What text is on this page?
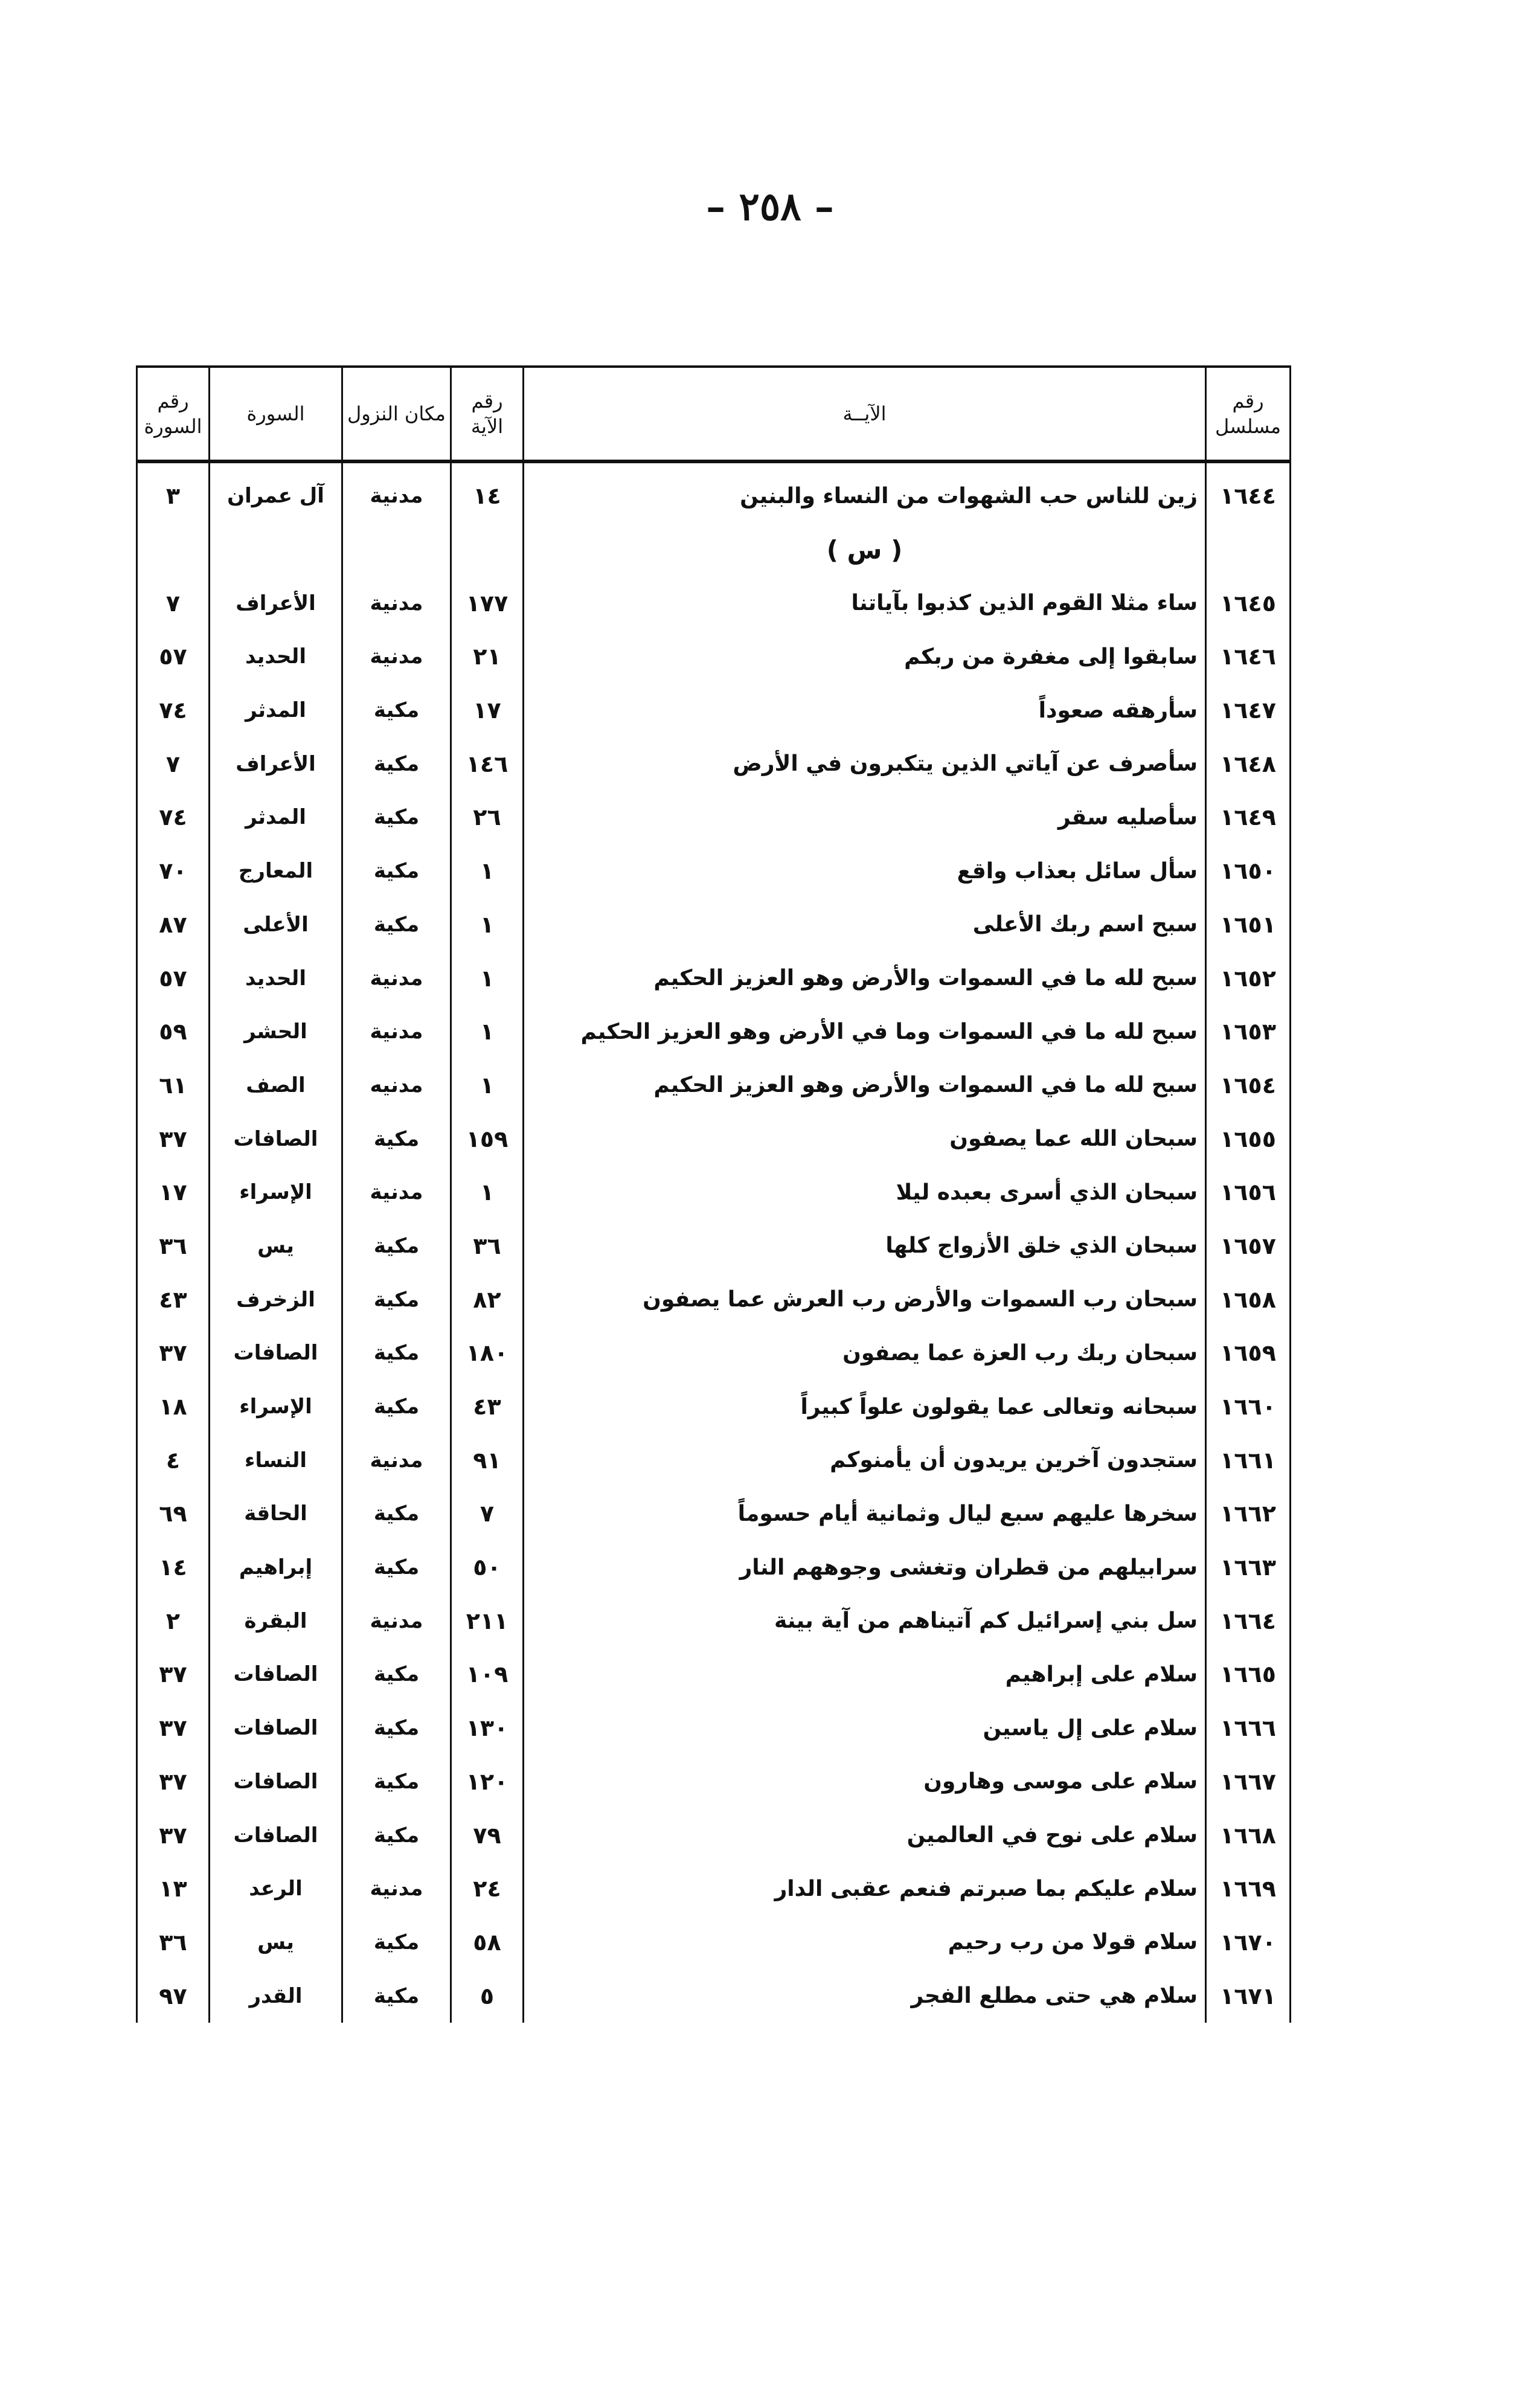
– ٢٥٨ –
رقم مسلسل	الآيــة	رقم الآية	مكان النزول	السورة	رقم السورة
١٦٤٤	زين للناس حب الشهوات من النساء والبنين	١٤	مدنية	آل عمران	٣
	( س )				
١٦٤٥	ساء مثلا القوم الذين كذبوا بآياتنا	١٧٧	مدنية	الأعراف	٧
١٦٤٦	سابقوا إلى مغفرة من ربكم	٢١	مدنية	الحديد	٥٧
١٦٤٧	سأرهقه صعوداً	١٧	مكية	المدثر	٧٤
١٦٤٨	سأصرف عن آياتي الذين يتكبرون في الأرض	١٤٦	مكية	الأعراف	٧
١٦٤٩	سأصليه سقر	٢٦	مكية	المدثر	٧٤
١٦٥٠	سأل سائل بعذاب واقع	١	مكية	المعارج	٧٠
١٦٥١	سبح اسم ربك الأعلى	١	مكية	الأعلى	٨٧
١٦٥٢	سبح لله ما في السموات والأرض وهو العزيز الحكيم	١	مدنية	الحديد	٥٧
١٦٥٣	سبح لله ما في السموات وما في الأرض وهو العزيز الحكيم	١	مدنية	الحشر	٥٩
١٦٥٤	سبح لله ما في السموات والأرض وهو العزيز الحكيم	١	مدنيه	الصف	٦١
١٦٥٥	سبحان الله عما يصفون	١٥٩	مكية	الصافات	٣٧
١٦٥٦	سبحان الذي أسرى بعبده ليلا	١	مدنية	الإسراء	١٧
١٦٥٧	سبحان الذي خلق الأزواج كلها	٣٦	مكية	يس	٣٦
١٦٥٨	سبحان رب السموات والأرض رب العرش عما يصفون	٨٢	مكية	الزخرف	٤٣
١٦٥٩	سبحان ربك رب العزة عما يصفون	١٨٠	مكية	الصافات	٣٧
١٦٦٠	سبحانه وتعالى عما يقولون علواً كبيراً	٤٣	مكية	الإسراء	١٨
١٦٦١	ستجدون آخرين يريدون أن يأمنوكم	٩١	مدنية	النساء	٤
١٦٦٢	سخرها عليهم سبع ليال وثمانية أيام حسوماً	٧	مكية	الحاقة	٦٩
١٦٦٣	سرابيلهم من قطران وتغشى وجوههم النار	٥٠	مكية	إبراهيم	١٤
١٦٦٤	سل بني إسرائيل كم آتيناهم من آية بينة	٢١١	مدنية	البقرة	٢
١٦٦٥	سلام على إبراهيم	١٠٩	مكية	الصافات	٣٧
١٦٦٦	سلام على إل ياسين	١٣٠	مكية	الصافات	٣٧
١٦٦٧	سلام على موسى وهارون	١٢٠	مكية	الصافات	٣٧
١٦٦٨	سلام على نوح في العالمين	٧٩	مكية	الصافات	٣٧
١٦٦٩	سلام عليكم بما صبرتم فنعم عقبى الدار	٢٤	مدنية	الرعد	١٣
١٦٧٠	سلام قولا من رب رحيم	٥٨	مكية	يس	٣٦
١٦٧١	سلام هي حتى مطلع الفجر	٥	مكية	القدر	٩٧
